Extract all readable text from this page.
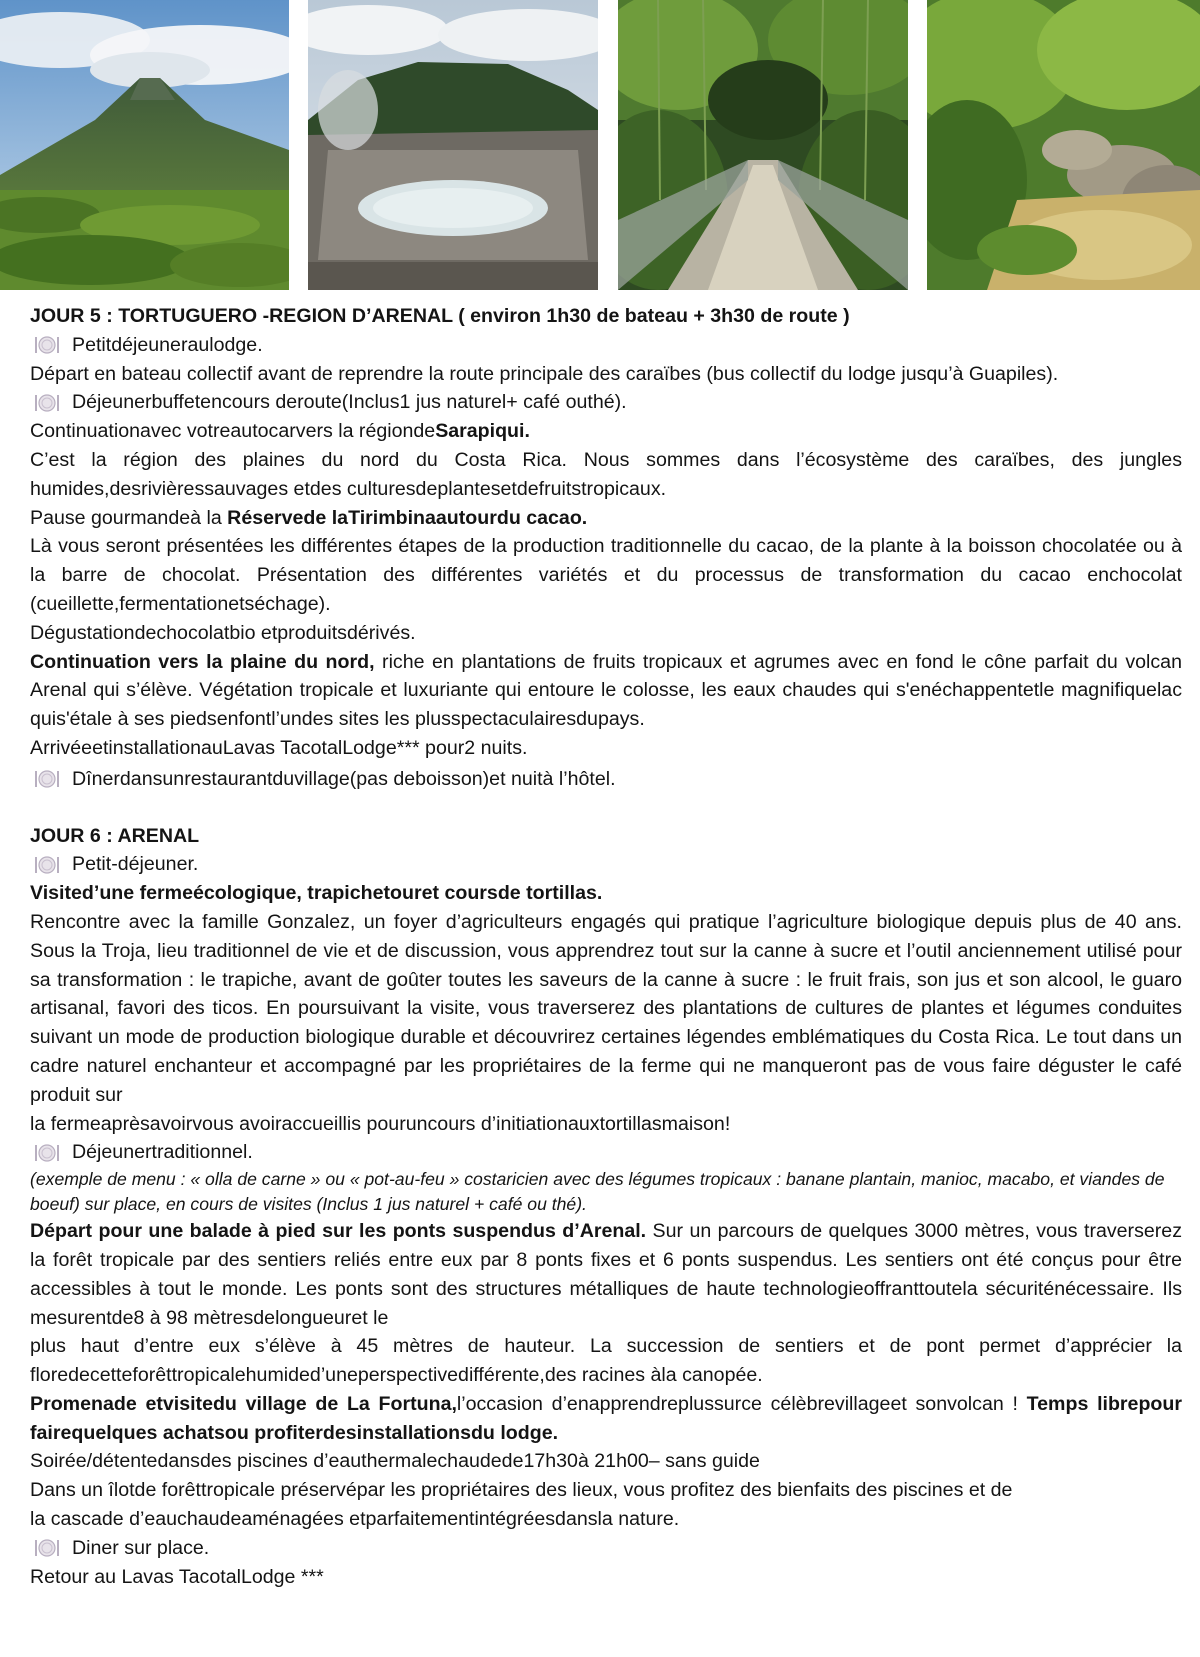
JOUR 5 : TORTUGUERO -REGION D’ARENAL ( environ 1h30 de bateau + 3h30 de route )

Petitdéjeuneraulodge.

Départ en bateau collectif avant de reprendre la route principale des caraïbes (bus collectif du lodge jusqu’à Guapiles).

Déjeunerbuffetencours deroute(Inclus1 jus naturel+ café outhé).

Continuationavec votreautocarvers la régiondeSarapiqui.

C’est la région des plaines du nord du Costa Rica. Nous sommes dans l’écosystème des caraïbes, des jungles humides,desrivièressauvages etdes culturesdeplantesetdefruitstropicaux.

Pause gourmandeà la Réservede laTirimbinaautourdu cacao.

Là vous seront présentées les différentes étapes de la production traditionnelle du cacao, de la plante à la boisson chocolatée ou à la barre de chocolat. Présentation des différentes variétés et du processus de transformation du cacao enchocolat (cueillette,fermentationetséchage).

Dégustationdechocolatbio etproduitsdérivés.

Continuation vers la plaine du nord, riche en plantations de fruits tropicaux et agrumes avec en fond le cône parfait du volcan Arenal qui s’élève. Végétation tropicale et luxuriante qui entoure le colosse, les eaux chaudes qui s'enéchappentetle magnifiquelac quis'étale à ses piedsenfontl’undes sites les plusspectaculairesdupays.

ArrivéeetinstallationauLavas TacotalLodge*** pour2 nuits.

Dînerdansunrestaurantduvillage(pas deboisson)et nuità l’hôtel.

JOUR 6 : ARENAL

Petit-déjeuner.

Visited’une fermeécologique, trapichetouret coursde tortillas.

Rencontre avec la famille Gonzalez, un foyer d’agriculteurs engagés qui pratique l’agriculture biologique depuis plus de 40 ans. Sous la Troja, lieu traditionnel de vie et de discussion, vous apprendrez tout sur la canne à sucre et l’outil anciennement utilisé pour sa transformation : le trapiche, avant de goûter toutes les saveurs de la canne à sucre : le fruit frais, son jus et son alcool, le guaro artisanal, favori des ticos. En poursuivant la visite, vous traverserez des plantations de cultures de plantes et légumes conduites suivant un mode de production biologique durable et découvrirez certaines légendes emblématiques du Costa Rica. Le tout dans un cadre naturel enchanteur et accompagné par les propriétaires de la ferme qui ne manqueront pas de vous faire déguster le café produit sur

la fermeaprèsavoirvous avoiraccueillis pouruncours d’initiationauxtortillasmaison!

Déjeunertraditionnel.

(exemple de menu : « olla de carne » ou « pot-au-feu » costaricien avec des légumes tropicaux : banane plantain, manioc, macabo, et viandes de boeuf) sur place, en cours de visites (Inclus 1 jus naturel + café ou thé).

Départ pour une balade à pied sur les ponts suspendus d’Arenal. Sur un parcours de quelques 3000 mètres, vous traverserez la forêt tropicale par des sentiers reliés entre eux par 8 ponts fixes et 6 ponts suspendus. Les sentiers ont été conçus pour être accessibles à tout le monde. Les ponts sont des structures métalliques de haute technologieoffranttoutela sécuriténécessaire. Ils mesurentde8 à 98 mètresdelongueuret le

plus haut d’entre eux s’élève à 45 mètres de hauteur. La succession de sentiers et de pont permet d’apprécier la floredecetteforêttropicalehumided’uneperspectivedifférente,des racines àla canopée.

Promenade etvisitedu village de La Fortuna,l’occasion d’enapprendreplussurce célèbrevillageet sonvolcan ! Temps librepour fairequelques achatsou profiterdesinstallationsdu lodge.

Soirée/détentedansdes piscines d’eauthermalechaudede17h30à 21h00– sans guide

Dans un îlotde forêttropicale préservépar les propriétaires des lieux, vous profitez des bienfaits des piscines et de

la cascade d’eauchaudeaménagées etparfaitementintégréesdansla nature.

Diner sur place.

Retour au Lavas TacotalLodge ***
